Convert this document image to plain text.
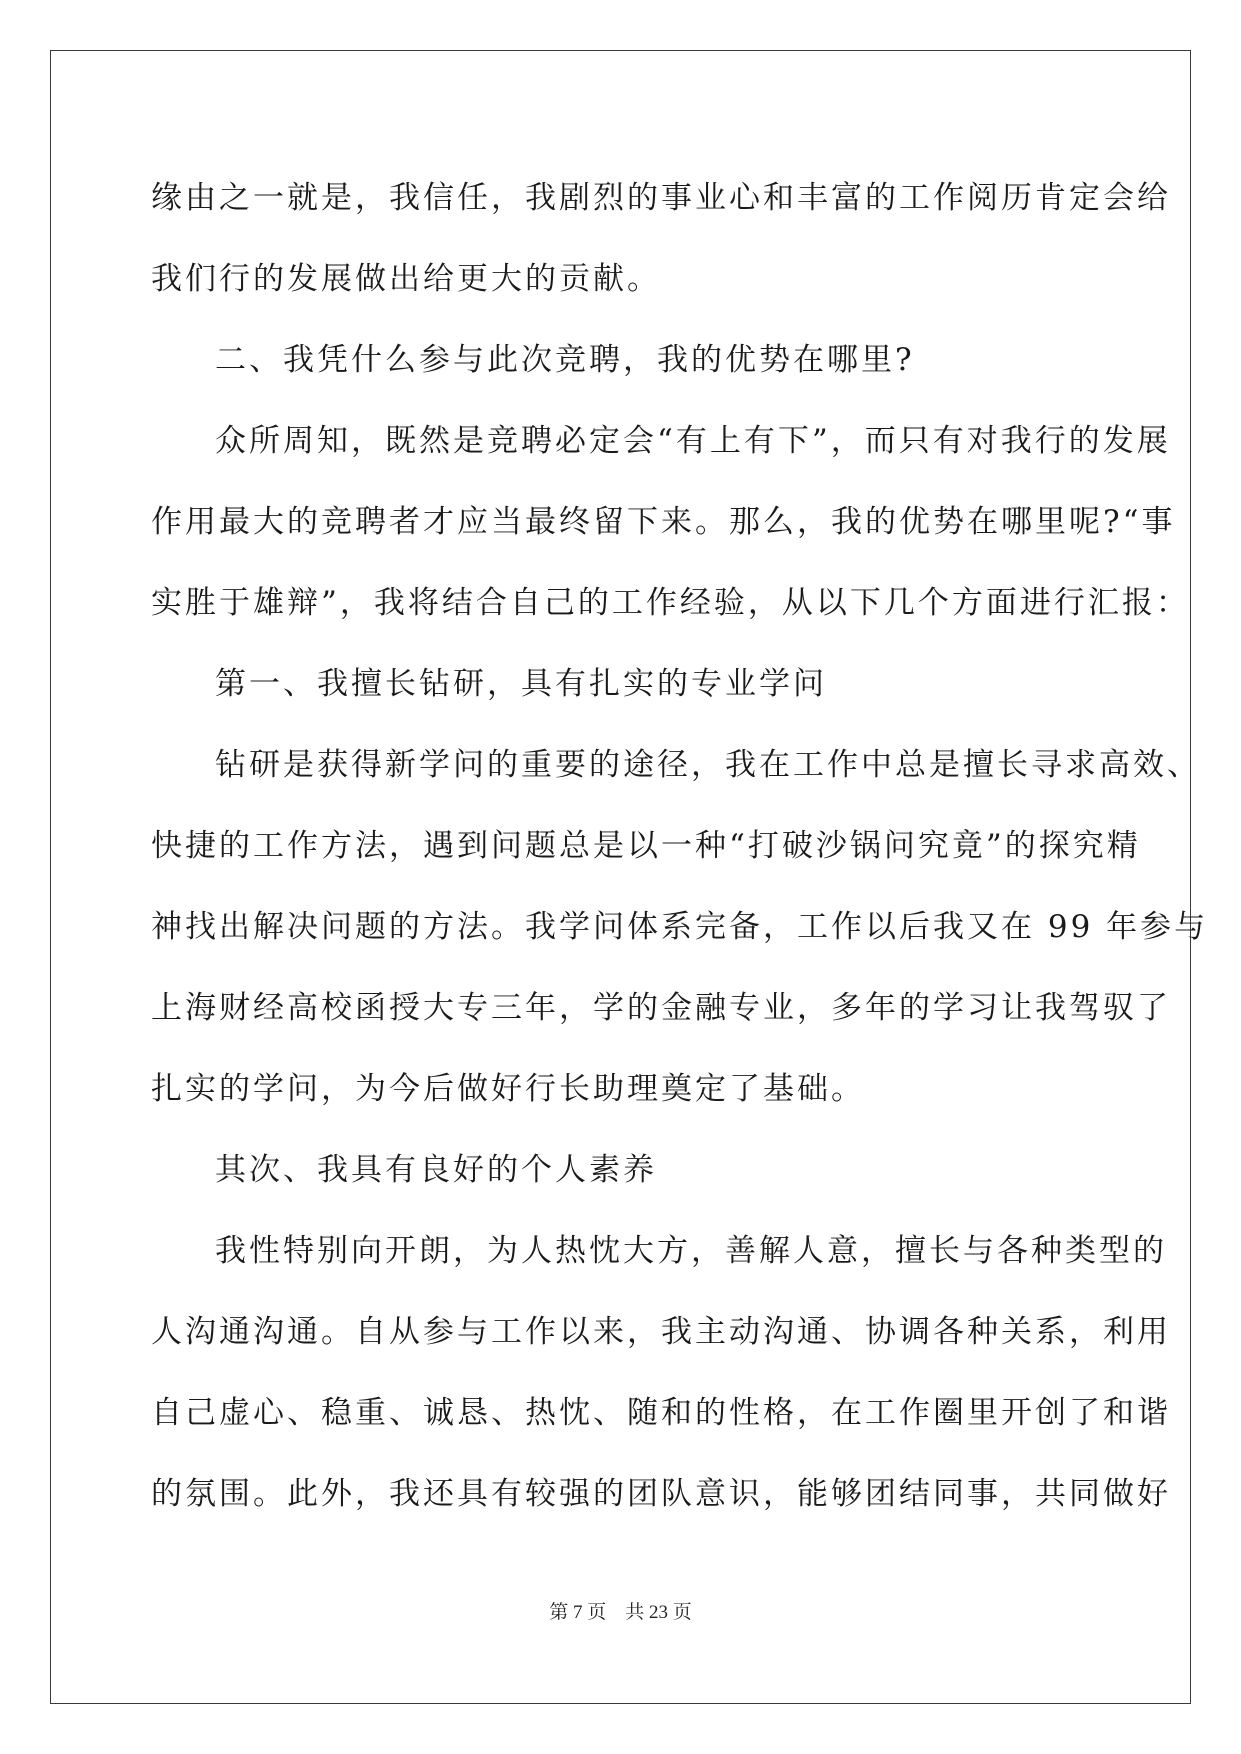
缘由之一就是，我信任，我剧烈的事业心和丰富的工作阅历肯定会给
我们行的发展做出给更大的贡献。
二、我凭什么参与此次竞聘，我的优势在哪里?
众所周知，既然是竞聘必定会“有上有下”，而只有对我行的发展
作用最大的竞聘者才应当最终留下来。那么，我的优势在哪里呢?“事
实胜于雄辩”，我将结合自己的工作经验，从以下几个方面进行汇报：
第一、我擅长钻研，具有扎实的专业学问
钻研是获得新学问的重要的途径，我在工作中总是擅长寻求高效、
快捷的工作方法，遇到问题总是以一种“打破沙锅问究竟”的探究精
神找出解决问题的方法。我学问体系完备，工作以后我又在 99 年参与
上海财经高校函授大专三年，学的金融专业，多年的学习让我驾驭了
扎实的学问，为今后做好行长助理奠定了基础。
其次、我具有良好的个人素养
我性特别向开朗，为人热忱大方，善解人意，擅长与各种类型的
人沟通沟通。自从参与工作以来，我主动沟通、协调各种关系，利用
自己虚心、稳重、诚恳、热忱、随和的性格，在工作圈里开创了和谐
的氛围。此外，我还具有较强的团队意识，能够团结同事，共同做好
第 7 页    共 23 页
